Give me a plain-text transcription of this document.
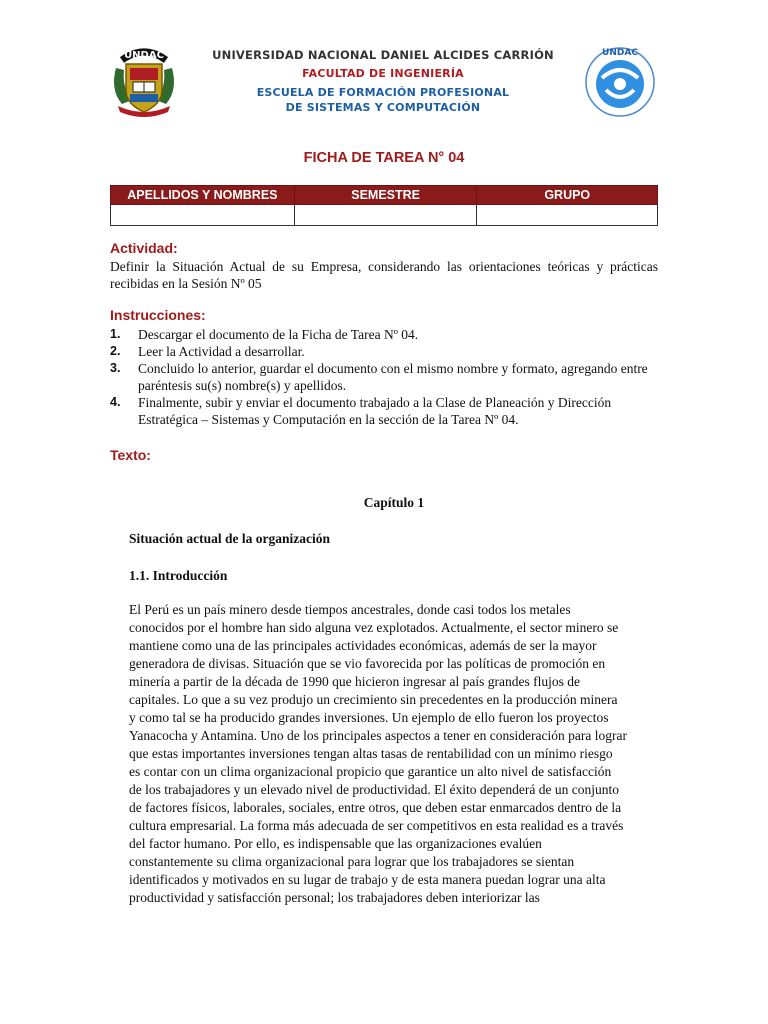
UNDAC	UNIVERSIDAD NACIONAL DANIEL ALCIDES CARRIÓN
FACULTAD DE INGENIERÍA
ESCUELA DE FORMACIÓN PROFESIONAL
DE SISTEMAS Y COMPUTACIÓN
UNDAC
FICHA DE TAREA N° 04
APELLIDOS Y NOMBRES	SEMESTRE	GRUPO

Actividad:
Definir la Situación Actual de su Empresa, considerando las orientaciones teóricas y prácticas recibidas en la Sesión Nº 05
Instrucciones:
1. Descargar el documento de la Ficha de Tarea Nº 04.
2. Leer la Actividad a desarrollar.
3. Concluido lo anterior, guardar el documento con el mismo nombre y formato, agregando entre paréntesis su(s) nombre(s) y apellidos.
4. Finalmente, subir y enviar el documento trabajado a la Clase de Planeación y Dirección Estratégica – Sistemas y Computación en la sección de la Tarea Nº 04.
Texto:
Capítulo 1
Situación actual de la organización
1.1. Introducción
El Perú es un país minero desde tiempos ancestrales, donde casi todos los metales conocidos por el hombre han sido alguna vez explotados. Actualmente, el sector minero se mantiene como una de las principales actividades económicas, además de ser la mayor generadora de divisas. Situación que se vio favorecida por las políticas de promoción en minería a partir de la década de 1990 que hicieron ingresar al país grandes flujos de capitales. Lo que a su vez produjo un crecimiento sin precedentes en la producción minera y como tal se ha producido grandes inversiones. Un ejemplo de ello fueron los proyectos Yanacocha y Antamina. Uno de los principales aspectos a tener en consideración para lograr que estas importantes inversiones tengan altas tasas de rentabilidad con un mínimo riesgo es contar con un clima organizacional propicio que garantice un alto nivel de satisfacción de los trabajadores y un elevado nivel de productividad. El éxito dependerá de un conjunto de factores físicos, laborales, sociales, entre otros, que deben estar enmarcados dentro de la cultura empresarial. La forma más adecuada de ser competitivos en esta realidad es a través del factor humano. Por ello, es indispensable que las organizaciones evalúen constantemente su clima organizacional para lograr que los trabajadores se sientan identificados y motivados en su lugar de trabajo y de esta manera puedan lograr una alta productividad y satisfacción personal; los trabajadores deben interiorizar las
